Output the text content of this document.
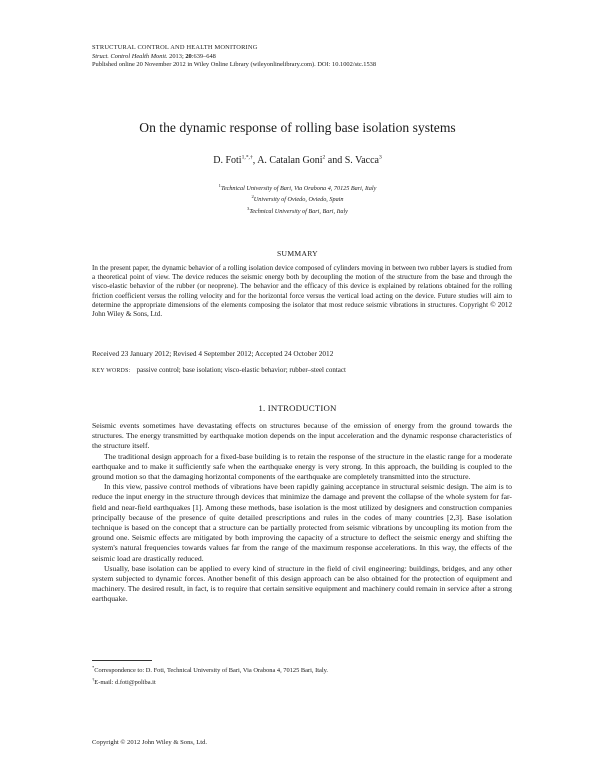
STRUCTURAL CONTROL AND HEALTH MONITORING
Struct. Control Health Monit. 2013; 20:639–648
Published online 20 November 2012 in Wiley Online Library (wileyonlinelibrary.com). DOI: 10.1002/stc.1538
On the dynamic response of rolling base isolation systems
D. Foti$^{1,*,\dagger}$, A. Catalan Goni$^2$ and S. Vacca$^3$
$^1$Technical University of Bari, Via Orabona 4, 70125 Bari, Italy
$^2$University of Oviedo, Oviedo, Spain
$^3$Technical University of Bari, Bari, Italy
SUMMARY
In the present paper, the dynamic behavior of a rolling isolation device composed of cylinders moving in between two rubber layers is studied from a theoretical point of view. The device reduces the seismic energy both by decoupling the motion of the structure from the base and through the visco-elastic behavior of the rubber (or neoprene). The behavior and the efficacy of this device is explained by relations obtained for the rolling friction coefficient versus the rolling velocity and for the horizontal force versus the vertical load acting on the device. Future studies will aim to determine the appropriate dimensions of the elements composing the isolator that most reduce seismic vibrations in structures. Copyright © 2012 John Wiley & Sons, Ltd.
Received 23 January 2012; Revised 4 September 2012; Accepted 24 October 2012
KEY WORDS: passive control; base isolation; visco-elastic behavior; rubber–steel contact
1. INTRODUCTION

Seismic events sometimes have devastating effects on structures because of the emission of energy from the ground towards the structures. The energy transmitted by earthquake motion depends on the input acceleration and the dynamic response characteristics of the structure itself.

The traditional design approach for a fixed-base building is to retain the response of the structure in the elastic range for a moderate earthquake and to make it sufficiently safe when the earthquake energy is very strong. In this approach, the building is coupled to the ground motion so that the damaging horizontal components of the earthquake are completely transmitted into the structure.

In this view, passive control methods of vibrations have been rapidly gaining acceptance in structural seismic design. The aim is to reduce the input energy in the structure through devices that minimize the damage and prevent the collapse of the whole system for far-field and near-field earthquakes [1]. Among these methods, base isolation is the most utilized by designers and construction companies principally because of the presence of quite detailed prescriptions and rules in the codes of many countries [2,3]. Base isolation technique is based on the concept that a structure can be partially protected from seismic vibrations by uncoupling its motion from the ground one. Seismic effects are mitigated by both improving the capacity of a structure to deflect the seismic energy and shifting the system's natural frequencies towards values far from the range of the maximum response accelerations. In this way, the effects of the seismic load are drastically reduced.

Usually, base isolation can be applied to every kind of structure in the field of civil engineering: buildings, bridges, and any other system subjected to dynamic forces. Another benefit of this design approach can be also obtained for the protection of equipment and machinery. The desired result, in fact, is to require that certain sensitive equipment and machinery could remain in service after a strong earthquake.

*Correspondence to: D. Foti, Technical University of Bari, Via Orabona 4, 70125 Bari, Italy.
†E-mail: d.foti@poliba.it
Copyright © 2012 John Wiley & Sons, Ltd.
